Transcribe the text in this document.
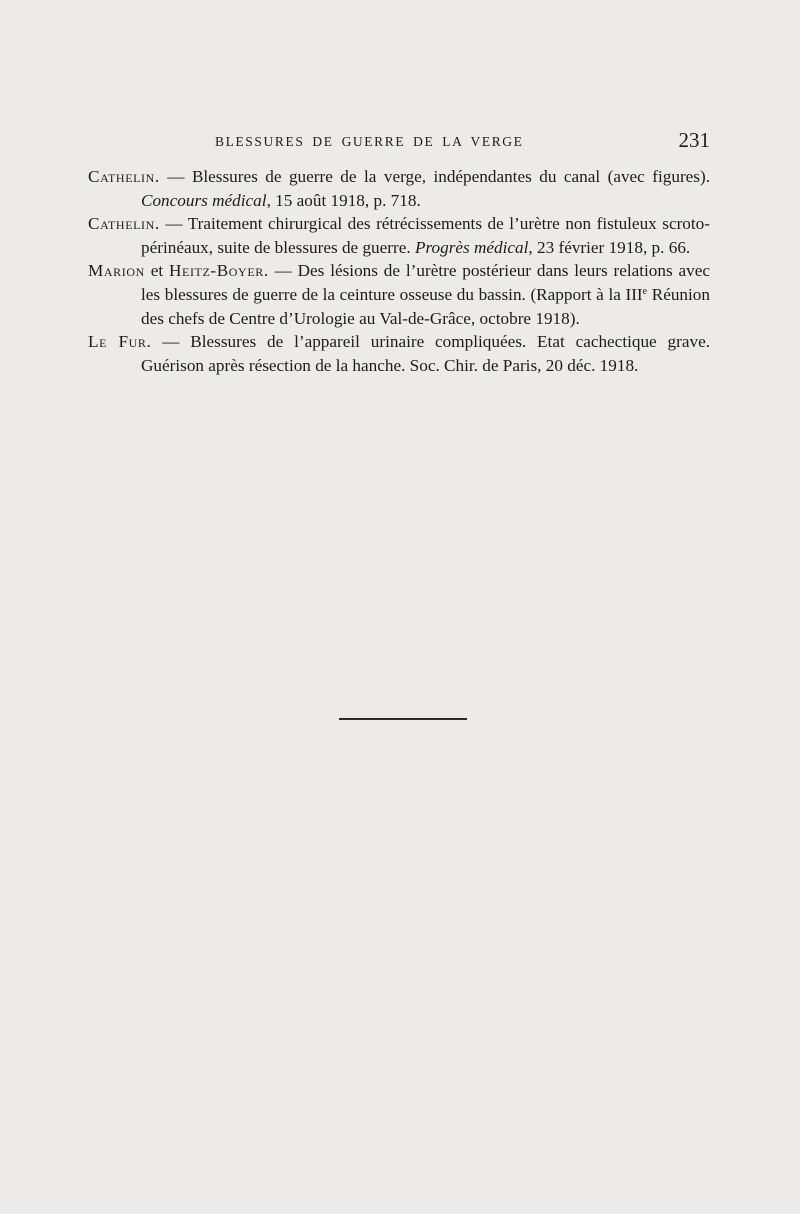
BLESSURES DE GUERRE DE LA VERGE	231

Cathelin. — Blessures de guerre de la verge, indépendantes du canal (avec figures). Concours médical, 15 août 1918, p. 718.

Cathelin. — Traitement chirurgical des rétrécissements de l’urètre non fistuleux scroto-périnéaux, suite de blessures de guerre. Progrès médical, 23 février 1918, p. 66.

Marion et Heitz-Boyer. — Des lésions de l’urètre postérieur dans leurs relations avec les blessures de guerre de la ceinture osseuse du bassin. (Rapport à la IIIe Réunion des chefs de Centre d’Urologie au Val-de-Grâce, octobre 1918).

Le Fur. — Blessures de l’appareil urinaire compliquées. Etat cachectique grave. Guérison après résection de la hanche. Soc. Chir. de Paris, 20 déc. 1918.
